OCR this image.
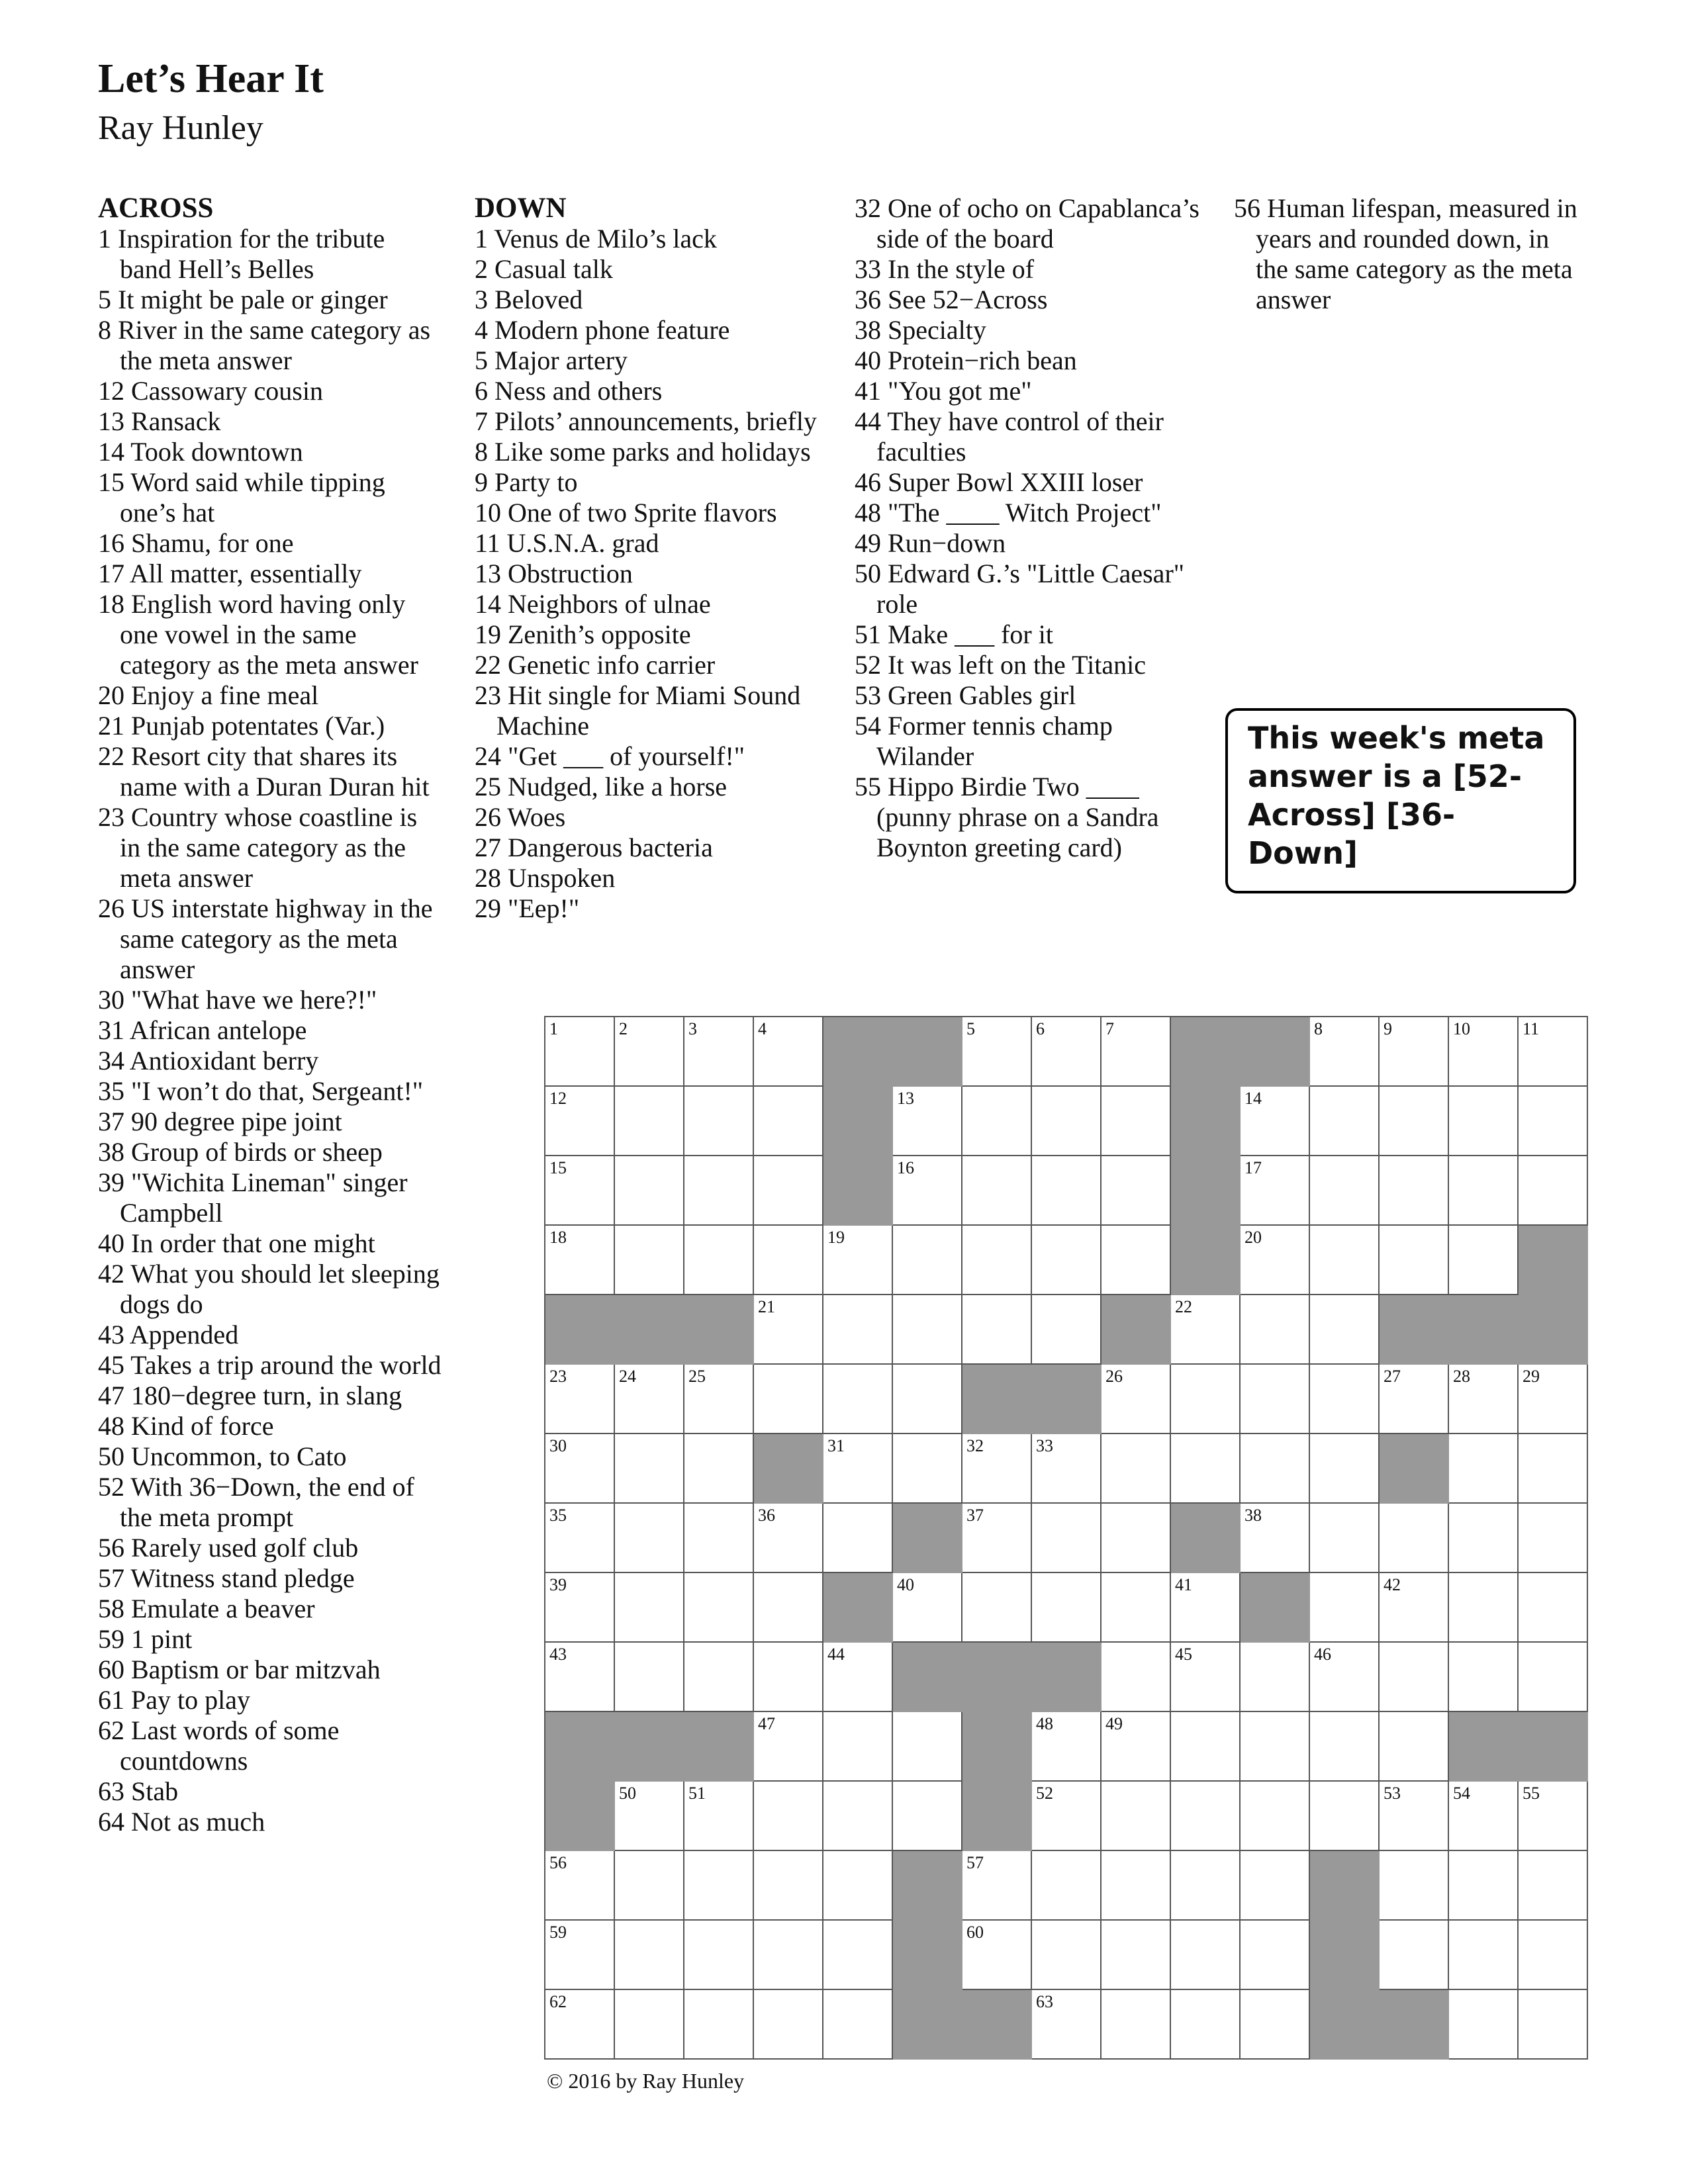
Let’s Hear It
Ray Hunley
ACROSS
1 Inspiration for the tribute band Hell’s Belles
5 It might be pale or ginger
8 River in the same category as the meta answer
12 Cassowary cousin
13 Ransack
14 Took downtown
15 Word said while tipping one’s hat
16 Shamu, for one
17 All matter, essentially
18 English word having only one vowel in the same category as the meta answer
20 Enjoy a fine meal
21 Punjab potentates (Var.)
22 Resort city that shares its name with a Duran Duran hit
23 Country whose coastline is in the same category as the meta answer
26 US interstate highway in the same category as the meta answer
30 "What have we here?!"
31 African antelope
34 Antioxidant berry
35 "I won’t do that, Sergeant!"
37 90 degree pipe joint
38 Group of birds or sheep
39 "Wichita Lineman" singer Campbell
40 In order that one might
42 What you should let sleeping dogs do
43 Appended
45 Takes a trip around the world
47 180−degree turn, in slang
48 Kind of force
50 Uncommon, to Cato
52 With 36−Down, the end of the meta prompt
56 Rarely used golf club
57 Witness stand pledge
58 Emulate a beaver
59 1 pint
60 Baptism or bar mitzvah
61 Pay to play
62 Last words of some countdowns
63 Stab
64 Not as much
DOWN
1 Venus de Milo’s lack
2 Casual talk
3 Beloved
4 Modern phone feature
5 Major artery
6 Ness and others
7 Pilots’ announcements, briefly
8 Like some parks and holidays
9 Party to
10 One of two Sprite flavors
11 U.S.N.A. grad
13 Obstruction
14 Neighbors of ulnae
19 Zenith’s opposite
22 Genetic info carrier
23 Hit single for Miami Sound Machine
24 "Get ___ of yourself!"
25 Nudged, like a horse
26 Woes
27 Dangerous bacteria
28 Unspoken
29 "Eep!"
32 One of ocho on Capablanca’s side of the board
33 In the style of
36 See 52−Across
38 Specialty
40 Protein−rich bean
41 "You got me"
44 They have control of their faculties
46 Super Bowl XXIII loser
48 "The ____ Witch Project"
49 Run−down
50 Edward G.’s "Little Caesar" role
51 Make ___ for it
52 It was left on the Titanic
53 Green Gables girl
54 Former tennis champ Wilander
55 Hippo Birdie Two ____ (punny phrase on a Sandra Boynton greeting card)
56 Human lifespan, measured in years and rounded down, in the same category as the meta answer
This week's meta answer is a [52-Across] [36-Down]
1	2	3	4	5	6	7	8	9	10	11
12	13	14
15	16	17
18	19	20
21	22
23	24	25	26	27	28	29
30	31	32	33
35	36	37	38
39	40	41	42
43	44	45	46
47	48	49
50	51	52	53	54	55
56	57
59	60
62	63
© 2016 by Ray Hunley
